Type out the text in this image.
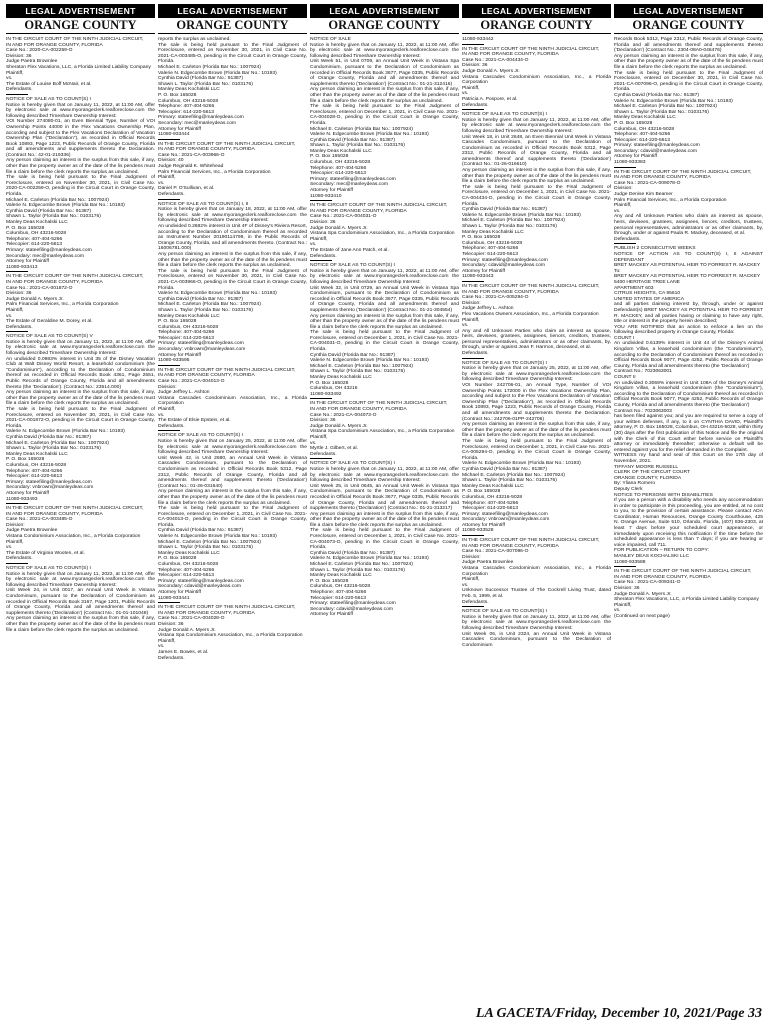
LEGAL ADVERTISEMENT
ORANGE COUNTY

IN THE CIRCUIT COURT OF THE NINTH JUDICIAL CIRCUIT,
IN AND FOR ORANGE COUNTY, FLORIDA
Case No.: 2020-CA-002259-O
Division: 36
Judge Paetra Brownlee
Sheraton Flex Vacations, LLC, a Florida Limited Liability Company
Plaintiff,
vs.
The Estate of Louise Boff McNair, et al.
Defendants.

NOTICE OF SALE AS TO COUNT(S) I
Notice is hereby given that on January 11, 2022, at 11:00 AM, offer by electronic sale at www.myorangeclerk.realforeclose.com the following described Timeshare Ownership Interest:
VOI Number 274080-01, an Even Biennial Type, Number of VOI Ownership Points 44000 in the Flex Vacations Ownership Plan, according and subject to the Flex Vacations Declaration of Vacation Ownership Plan ("Declaration"), as recorded in Official Records Book 10893, Page 1223, Public Records of Orange County, Florida and all amendments and supplements thereto the Declaration. (Contract No.: 42-01-219336)
Any person claiming an interest in the surplus from this sale, if any, other than the property owner as of the date of the lis pendens must file a claim before the clerk reports the surplus as unclaimed.
The sale is being held pursuant to the Final Judgment of Foreclosure, entered on November 30, 2021, in Civil Case No. 2020-CA-002259-O, pending in the Circuit Court in Orange County, Florida.
Michael E. Carleton (Florida Bar No.: 1007924)
Valerie N. Edgecombe Brown (Florida Bar No.: 10193)
Cynthia David (Florida Bar No.: 91387)
Shawn L. Taylor (Florida Bar No.: 0103176)
Manley Deas Kochalski LLC
P. O. Box 165028
Columbus, OH 43216-5028
Telephone: 407-404-5266
Telecopier: 614-220-5613
Primary: stateefiling@manleydeas.com
Secondary: mec@manleydeas.com
Attorney for Plaintiff
11080-933413

IN THE CIRCUIT COURT OF THE NINTH JUDICIAL CIRCUIT,
IN AND FOR ORANGE COUNTY, FLORIDA
Case No.: 2021-CA-001872-O
Division: 36
Judge Donald A. Myers Jr.
Palm Financial Services, Inc., a Florida Corporation
Plaintiff,
vs.
The Estate of Geraldine M. Dorey, et al.
Defendants.

NOTICE OF SALE AS TO COUNT(S) V
Notice is hereby given that on January 11, 2022, at 11:00 AM, offer by electronic sale at www.myorangeclerk.realforeclose.com the following described Timeshare Ownership Interest:
An undivided 0.0983% interest in Unit 35 of the Disney Vacation Club at Walt Disney World Resort, a leasehold condominium (the "Condominium"), according to the Declaration of Condominium thereof as recorded in Official Records Book 4361, Page 2551, Public Records of Orange County, Florida and all amendments thereto (the 'Declaration'). (Contract No.: 23514.000)
Any person claiming an interest in the surplus from this sale, if any, other than the property owner as of the date of the lis pendens must file a claim before the clerk reports the surplus as unclaimed.
The sale is being held pursuant to the Final Judgment of Foreclosure, entered on November 30, 2021, in Civil Case No. 2021-CA-001872-O, pending in the Circuit Court in Orange County, Florida.
Valerie N. Edgecombe Brown (Florida Bar No.: 10193)
Cynthia David (Florida Bar No.: 91387)
Michael E. Carleton (Florida Bar No.: 1007924)
Shawn L. Taylor (Florida Bar No.: 0103176)
Manley Deas Kochalski LLC
P. O. Box 165028
Columbus, OH 43216-5028
Telephone: 407-404-5266
Telecopier: 614-220-5613
Primary: stateefiling@manleydeas.com
Secondary: vnbrown@manleydeas.com
Attorney for Plaintiff
11080-933493

IN THE CIRCUIT COURT OF THE NINTH JUDICIAL CIRCUIT,
IN AND FOR ORANGE COUNTY, FLORIDA
Case No.: 2021-CA-003485-O
Division:
Judge Paetra Brownlee
Vistana Condominium Association, Inc., a Florida Corporation
Plaintiff,
vs.
The Estate of Virginia Wooten, et al.
Defendants.

NOTICE OF SALE AS TO COUNT(S) I
Notice is hereby given that on January 11, 2022, at 11:00 AM, offer by electronic sale at www.myorangeclerk.realforeclose.com the following described Timeshare Ownership Interest:
Unit Week 24, in Unit 0017, an Annual Unit Week in Vistana Condominium, pursuant to the Declaration of Condominium as recorded in Official Records Book 3167, Page 1201, Public Records of Orange County, Florida and all amendments thereof and supplements thereto ('Declaration') (Contract No.: 01-01-101048)
Any person claiming an interest in the surplus from this sale, if any, other than the property owner as of the date of the lis pendens must file a claim before the clerk reports the surplus as unclaimed.

LEGAL ADVERTISEMENT
ORANGE COUNTY

reports the surplus as unclaimed.
The sale is being held pursuant to the Final Judgment of Foreclosure, entered on November 30, 2021, in Civil Case No. 2021-CA-003485-O, pending in the Circuit Court in Orange County, Florida.
Michael E. Carleton (Florida Bar No.: 1007924)
Valerie N. Edgecombe Brown (Florida Bar No.: 10193)
Cynthia David (Florida Bar No.: 91387)
Shawn L. Taylor (Florida Bar No.: 0103176)
Manley Deas Kochalski LLC
P. O. Box 165028
Columbus, OH 43216-5028
Telephone: 407-404-5266
Telecopier: 614-220-5613
Primary: stateefiling@manleydeas.com
Secondary: mec@manleydeas.com
Attorney for Plaintiff
11080-933444

IN THE CIRCUIT COURT OF THE NINTH JUDICIAL CIRCUIT,
IN AND FOR ORANGE COUNTY, FLORIDA
Case No.: 2021-CA-003966-O
Division: 40
Judge Reginald K. Whitehead
Palm Financial Services, Inc., a Florida Corporation
Plaintiff,
vs.
Daniel P. O'Sullivan, et al.
Defendants.

NOTICE OF SALE AS TO COUNT(S) I, II
Notice is hereby given that on January 18, 2022, at 11:00 AM, offer by electronic sale at www.myorangeclerk.realforeclose.com the following described Timeshare Ownership Interest:
An undivided 0.2682% interest in Unit 4F of Disney's Riviera Resort, according to the Declaration of Condominium thereof as recorded as Instrument Number 20190114799, in the Public Records of Orange County, Florida, and all amendments thereto. (Contract No.: 16006781.000)
Any person claiming an interest in the surplus from this sale, if any, other than the property owner as of the date of the lis pendens must file a claim before the clerk reports the surplus as unclaimed.
The sale is being held pursuant to the Final Judgment of Foreclosure, entered on November 30, 2021, in Civil Case No. 2021-CA-003966-O, pending in the Circuit Court in Orange County, Florida.
Valerie N. Edgecombe Brown (Florida Bar No.: 10193)
Cynthia David (Florida Bar No.: 91387)
Michael E. Carleton (Florida Bar No.: 1007924)
Shawn L. Taylor (Florida Bar No.: 0103176)
Manley Deas Kochalski LLC
P. O. Box 165028
Columbus, OH 43216-5028
Telephone: 407-404-5266
Telecopier: 614-220-5613
Primary: stateefiling@manleydeas.com
Secondary: vnbrown@manleydeas.com
Attorney for Plaintiff
11080-933595

IN THE CIRCUIT COURT OF THE NINTH JUDICIAL CIRCUIT,
IN AND FOR ORANGE COUNTY, FLORIDA
Case No.: 2021-CA-004013-O
Division:
Judge Jeffrey L. Ashton
Vistana Cascades Condominium Association, Inc., a Florida Corporation
Plaintiff,
vs.
The Estate of Elsie Epstein, et al.
Defendants.

NOTICE OF SALE AS TO COUNT(S) I
Notice is hereby given that on January 25, 2022, at 11:00 AM, offer by electronic sale at www.myorangeclerk.realforeclose.com the following described Timeshare Ownership Interest:
Unit Week 42, in Unit 2680, an Annual Unit Week in Vistana Cascades Condominium, pursuant to the Declaration of Condominium as recorded in Official Records Book 5312, Page 2312, Public Records of Orange County, Florida and all amendments thereof and supplements thereto ('Declaration') (Contract No.: 01-26-031640)
Any person claiming an interest in the surplus from this sale, if any, other than the property owner as of the date of the lis pendens must file a claim before the clerk reports the surplus as unclaimed.
The sale is being held pursuant to the Final Judgment of Foreclosure, entered on December 1, 2021, in Civil Case No. 2021-CA-004013-O, pending in the Circuit Court in Orange County, Florida.
Cynthia David (Florida Bar No.: 91387)
Valerie N. Edgecombe Brown (Florida Bar No.: 10193)
Michael E. Carleton (Florida Bar No.: 1007924)
Shawn L. Taylor (Florida Bar No.: 0103176)
Manley Deas Kochalski LLC
P. O. Box 165028
Columbus, OH 43216-5028
Telephone: 407-404-5266
Telecopier: 614-220-5613
Primary: stateefiling@manleydeas.com
Secondary: cdavid@manleydeas.com
Attorney for Plaintiff
11080-933441

IN THE CIRCUIT COURT OF THE NINTH JUDICIAL CIRCUIT,
IN AND FOR ORANGE COUNTY, FLORIDA
Case No.: 2021-CA-004028-O
Division: 36
Judge Donald A. Myers Jr.
Vistana Spa Condominium Association, Inc., a Florida Corporation
Plaintiff,
vs.
James E. Bowes, et al.
Defendants.

LEGAL ADVERTISEMENT
ORANGE COUNTY

NOTICE OF SALE
Notice is hereby given that on January 11, 2022, at 11:00 AM, offer by electronic sale at www.myorangeclerk.realforeclose.com the following described Timeshare Ownership Interest:
Unit Week 51, in Unit 0709, an Annual Unit Week in Vistana Spa Condominium, pursuant to the Declaration of Condominium as recorded in Official Records Book 3677, Page 0335, Public Records of Orange County, Florida and all amendments thereof and supplements thereto ('Declaration') (Contract No.: 01-21-312416)
Any person claiming an interest in the surplus from this sale, if any, other than the property owner as of the date of the lis pendens must file a claim before the clerk reports the surplus as unclaimed.
The sale is being held pursuant to the Final Judgment of Foreclosure, entered on December 1, 2021, in Civil Case No. 2021-CA-004028-O, pending in the Circuit Court in Orange County, Florida.
Michael E. Carleton (Florida Bar No.: 1007924)
Valerie N. Edgecombe Brown (Florida Bar No.: 10193)
Cynthia David (Florida Bar No.: 91387)
Shawn L. Taylor (Florida Bar No.: 0103176)
Manley Deas Kochalski LLC
P. O. Box 165028
Columbus, OH 43216-5028
Telephone: 407-404-5266
Telecopier: 614-220-5613
Primary: stateefiling@manleydeas.com
Secondary: mec@manleydeas.com
Attorney for Plaintiff
11080-933410

IN THE CIRCUIT COURT OF THE NINTH JUDICIAL CIRCUIT,
IN AND FOR ORANGE COUNTY, FLORIDA
Case No.: 2021-CA-004031-O
Division: 36
Judge Donald A. Myers Jr.
Vistana Spa Condominium Association, Inc., a Florida Corporation
Plaintiff,
vs.
The Estate of Jane Ann Patch, et al.
Defendants.

NOTICE OF SALE AS TO COUNT(S) I
Notice is hereby given that on January 11, 2022, at 11:00 AM, offer by electronic sale at www.myorangeclerk.realforeclose.com the following described Timeshare Ownership Interest:
Unit Week 32, in Unit 0729, an Annual Unit Week in Vistana Spa Condominium, pursuant to the Declaration of Condominium as recorded in Official Records Book 3677, Page 0335, Public Records of Orange County, Florida and all amendments thereof and supplements thereto ('Declaration') (Contract No.: 01-21-304554)
Any person claiming an interest in the surplus from this sale, if any, other than the property owner as of the date of the lis pendens must file a claim before the clerk reports the surplus as unclaimed.
The sale is being held pursuant to the Final Judgment of Foreclosure, entered on December 1, 2021, in Civil Case No. 2021-CA-004031-O, pending in the Circuit Court in Orange County, Florida.
Cynthia David (Florida Bar No.: 91387)
Valerie N. Edgecombe Brown (Florida Bar No.: 10193)
Michael E. Carleton (Florida Bar No.: 1007924)
Shawn L. Taylor (Florida Bar No.: 0103176)
Manley Deas Kochalski LLC
P. O. Box 165028
Columbus, OH 43216
11080-933492

IN THE CIRCUIT COURT OF THE NINTH JUDICIAL CIRCUIT,
IN AND FOR ORANGE COUNTY, FLORIDA
Case No.: 2021-CA-004073-O
Division: 36
Judge Donald A. Myers Jr.
Vistana Spa Condominium Association, Inc., a Florida Corporation
Plaintiff,
vs.
Myrtle J. Gilbert, et al.
Defendants.

NOTICE OF SALE AS TO COUNT(S) I
Notice is hereby given that on January 11, 2022, at 11:00 AM, offer by electronic sale at www.myorangeclerk.realforeclose.com the following described Timeshare Ownership Interest:
Unit Week 25, in Unit 0645, an Annual Unit Week in Vistana Spa Condominium, pursuant to the Declaration of Condominium as recorded in Official Records Book 3677, Page 0335, Public Records of Orange County, Florida and all amendments thereof and supplements thereto ('Declaration') (Contract No.: 01-21-313217)
Any person claiming an interest in the surplus from this sale, if any, other than the property owner as of the date of the lis pendens must file a claim before the clerk reports the surplus as unclaimed.
The sale is being held pursuant to the Final Judgment of Foreclosure, entered on December 1, 2021, in Civil Case No. 2021-CA-004073-O, pending in the Circuit Court in Orange County, Florida.
Cynthia David (Florida Bar No.: 91387)
Valerie N. Edgecombe Brown (Florida Bar No.: 10193)
Michael E. Carleton (Florida Bar No.: 1007924)
Shawn L. Taylor (Florida Bar No.: 0103176)
Manley Deas Kochalski LLC
P. O. Box 165028
Columbus, OH 43216-5028
Telephone: 407-404-5266
Telecopier: 614-220-5613
Primary: stateefiling@manleydeas.com
Secondary: cdavid@manleydeas.com
Attorney for Plaintiff

LEGAL ADVERTISEMENT
ORANGE COUNTY

11080-933442

IN THE CIRCUIT COURT OF THE NINTH JUDICIAL CIRCUIT,
IN AND FOR ORANGE COUNTY, FLORIDA
Case No.: 2021-CA-004434-O
Division: 36
Judge Donald A. Myers Jr.
Vistana Cascades Condominium Association, Inc., a Florida Corporation
Plaintiff,
vs.
Patricia A. Pospore, et al.
Defendants.

NOTICE OF SALE AS TO COUNT(S) I
Notice is hereby given that on January 11, 2022, at 11:00 AM, offer by electronic sale at www.myorangeclerk.realforeclose.com the following described Timeshare Ownership Interest:
Unit Week 18, in Unit 2648, an Even Biennial Unit Week in Vistana Cascades Condominium, pursuant to the Declaration of Condominium as recorded in Official Records Book 5312, Page 2312, Public Records of Orange County, Florida and all amendments thereof and supplements thereto ('Declaration') (Contract No.: 01-26-016610)
Any person claiming an interest in the surplus from this sale, if any, other than the property owner as of the date of the lis pendens must file a claim before the clerk reports the surplus as unclaimed.
The sale is being held pursuant to the Final Judgment of Foreclosure, entered on December 1, 2021, in Civil Case No. 2021-CA-004434-O, pending in the Circuit Court in Orange County, Florida.
Cynthia David (Florida Bar No.: 91387)
Valerie N. Edgecombe Brown (Florida Bar No.: 10193)
Michael E. Carleton (Florida Bar No.: 1007924)
Shawn L. Taylor (Florida Bar No.: 0103176)
Manley Deas Kochalski LLC
P. O. Box 165028
Columbus, OH 43216-5028
Telephone: 407-404-5266
Telecopier: 614-220-5613
Primary: stateefiling@manleydeas.com
Secondary: cdavid@manleydeas.com
Attorney for Plaintiff
11080-933443

IN THE CIRCUIT COURT OF THE NINTH JUDICIAL CIRCUIT,
IN AND FOR ORANGE COUNTY, FLORIDA
Case No.: 2021-CA-005294-O
Division:
Judge Jeffrey L. Ashton
Flex Vacations Owners Association, Inc., a Florida Corporation
Plaintiff,
vs.
Any and All Unknown Parties who claim an interest as spouse, heirs, devisees, grantees, assignees, lienors, creditors, trustees, personal representatives, administrators or as other claimants, by, through, under or against Jean F. Harmon, deceased, et al.
Defendants.

NOTICE OF SALE AS TO COUNT(S) I
Notice is hereby given that on January 25, 2022, at 11:00 AM, offer by electronic sale at www.myorangeclerk.realforeclose.com the following described Timeshare Ownership Interest:
VOI Number 242706-01, an Annual Type, Number of VOI Ownership Points 172000 in the Flex Vacations Ownership Plan, according and subject to the Flex Vacations Declaration of Vacation Ownership Plan ("Declaration"), as recorded in Official Records Book 10893, Page 1223, Public Records of Orange County, Florida and all amendments and supplements thereto the Declaration. (Contract No.: 242706-01PP-242706)
Any person claiming an interest in the surplus from this sale, if any, other than the property owner as of the date of the lis pendens must file a claim before the clerk reports the surplus as unclaimed.
The sale is being held pursuant to the Final Judgment of Foreclosure, entered on December 1, 2021, in Civil Case No. 2021-CA-005294-O, pending in the Circuit Court in Orange County, Florida.
Valerie N. Edgecombe Brown (Florida Bar No.: 10193)
Cynthia David (Florida Bar No.: 91387)
Michael E. Carleton (Florida Bar No.: 1007924)
Shawn L. Taylor (Florida Bar No.: 0103176)
Manley Deas Kochalski LLC
P. O. Box 165028
Columbus, OH 43216-5028
Telephone: 407-404-5266
Telecopier: 614-220-5613
Primary: stateefiling@manleydeas.com
Secondary: vnbrown@manleydeas.com
Attorney for Plaintiff
11080-933528

IN THE CIRCUIT COURT OF THE NINTH JUDICIAL CIRCUIT,
IN AND FOR ORANGE COUNTY, FLORIDA
Case No.: 2021-CA-007096-O
Division:
Judge Paetra Brownlee
Vistana Cascades Condominium Association, Inc., a Florida Corporation
Plaintiff,
vs.
Unknown Successor Trustee of The Cockrell Living Trust, dated Feb. 5, 1999, et al.
Defendants.

NOTICE OF SALE AS TO COUNT(S) I
Notice is hereby given that on January 11, 2022, at 11:00 AM, offer by electronic sale at www.myorangeclerk.realforeclose.com the following described Timeshare Ownership Interest:
Unit Week 06, in Unit 2324, an Annual Unit Week in Vistana Cascades Condominium, pursuant to the Declaration of Condominium

LEGAL ADVERTISEMENT
ORANGE COUNTY

Records Book 5312, Page 2312, Public Records of Orange County, Florida and all amendments thereof and supplements thereto ('Declaration') (Contract No.: 2304-08A0-046476)
Any person claiming an interest in the surplus from this sale, if any, other than the property owner as of the date of the lis pendens must file a claim before the clerk reports the surplus as unclaimed.
The sale is being held pursuant to the Final Judgment of Foreclosure, entered on December 30, 2021, in Civil Case No. 2021-CA-007096-O, pending in the Circuit Court in Orange County, Florida.
Cynthia David (Florida Bar No.: 91387)
Valerie N. Edgecombe Brown (Florida Bar No.: 10193)
Michael E. Carleton (Florida Bar No.: 1007924)
Shawn L. Taylor (Florida Bar No.: 0103176)
Manley Deas Kochalski LLC
P. O. Box 165028
Columbus, OH 43216-5028
Telephone: 407-404-5266
Telecopier: 614-220-5613
Primary: stateefiling@manleydeas.com
Secondary: cdavid@manleydeas.com
Attorney for Plaintiff
11080-933383

IN THE CIRCUIT COURT OF THE NINTH JUDICIAL CIRCUIT,
IN AND FOR ORANGE COUNTY, FLORIDA
Case No.: 2021-CA-009078-O
Division:
Judge Denise Kim Beamer
Palm Financial Services, Inc., a Florida Corporation
Plaintiff,
vs.
Any and All Unknown Parties who claim an interest as spouse, heirs, devisees, grantees, assignees, lienors, creditors, trustees, personal representatives, administrators or as other claimants, by, through, under or against Paula R. Mackey, deceased, et al.
Defendants.

PUBLISH 2 CONSECUTIVE WEEKS
NOTICE OF ACTION AS TO COUNT(S) I, II AGAINST DEFENDANT
BRET MACKEY AS POTENTIAL HEIR TO FORREST R. MACKEY
To:
BRET MACKEY AS POTENTIAL HEIR TO FORREST R. MACKEY
5400 HERITAGE TREE LANE
APARTMENT 603
CITRUS HEIGHTS, CA 95610
UNITED STATES OF AMERICA
and all parties claiming interest by, through, under or against Defendant(s) BRET MACKEY AS POTENTIAL HEIR TO FORREST R. MACKEY, and all parties having or claiming to have any right, title or interest in the property herein described;
YOU ARE NOTIFIED that an action to enforce a lien on the following described property in Orange County, Florida:
COUNT I
An undivided 0.6139% interest in Unit 44 of the Disney's Animal Kingdom Villas, a leasehold condominium (the "Condominium"), according to the Declaration of Condominium thereof as recorded in Official Records Book 9077, Page 4252, Public Records of Orange County, Florida and all amendments thereto (the 'Declaration')
Contract No.: 7023063001
COUNT II
An undivided 0.3069% interest in Unit 108A of the Disney's Animal Kingdom Villas, a leasehold condominium (the "Condominium"), according to the Declaration of Condominium thereof as recorded in Official Records Book 9077, Page 4252, Public Records of Orange County, Florida and all amendments thereto (the 'Declaration')
Contract No.: 7023063003
has been filed against you; and you are required to serve a copy of your written defenses, if any, to it on CYNTHIA DAVID, Plaintiff's attorney, P. O. Box 165028, Columbus, OH 43216-5028, within thirty (30) days after the first publication of this Notice and file the original with the Clerk of this Court either before service on Plaintiff's attorney or immediately thereafter; otherwise a default will be entered against you for the relief demanded in the Complaint.
WITNESS my hand and seal of this Court on the 17th day of November, 2021.
TIFFANY MOORE RUSSELL
CLERK OF THE CIRCUIT COURT
ORANGE COUNTY, FLORIDA
By: Yliana Romero
Deputy Clerk
NOTICE TO PERSONS WITH DISABILITIES
If you are a person with a disability who needs any accommodation in order to participate in this proceeding, you are entitled, at no cost to you, to the provision of certain assistance. Please contact ADA Coordinator, Human Resources, Orange County Courthouse, 425 N. Orange Avenue, Suite 510, Orlando, Florida, (407) 836-2303, at least 7 days before your scheduled court appearance, or immediately upon receiving this notification if the time before the scheduled appearance is less than 7 days; if you are hearing or voice impaired, call 711.
FOR PUBLICATION – RETURN TO COPY:
MANLEY DEAS KOCHALSKI LLC
11080-933588

IN THE CIRCUIT COURT OF THE NINTH JUDICIAL CIRCUIT,
IN AND FOR ORANGE COUNTY, FLORIDA
Case No.: 2021-CA-009341-O
Division: 36
Judge Donald A. Myers Jr.
Sheraton Flex Vacations, LLC, a Florida Limited Liability Company
Plaintiff,
vs.
(Continued on next page)

LA GACETA/Friday, December 10, 2021/Page 33
